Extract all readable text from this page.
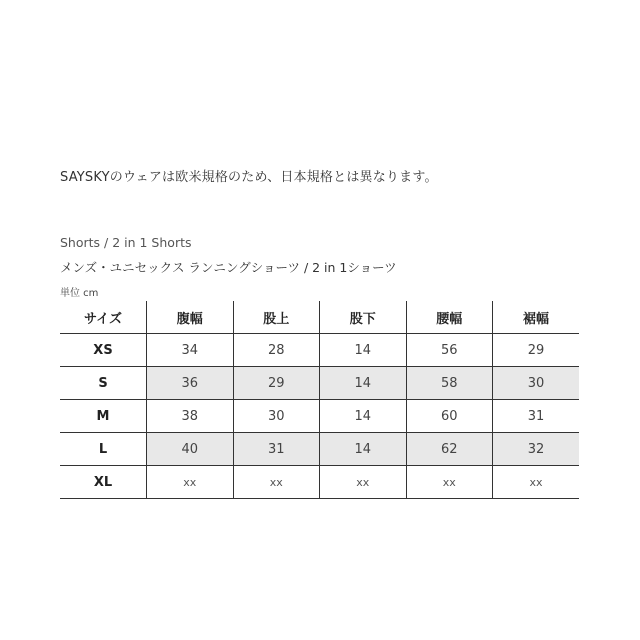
SAYSKYのウェアは欧米規格のため、日本規格とは異なります。
Shorts / 2 in 1 Shorts
メンズ・ユニセックス ランニングショーツ / 2 in 1ショーツ
単位 cm
サイズ	腹幅	股上	股下	腰幅	裾幅
XS	34	28	14	56	29
S	36	29	14	58	30
M	38	30	14	60	31
L	40	31	14	62	32
XL	xx	xx	xx	xx	xx
